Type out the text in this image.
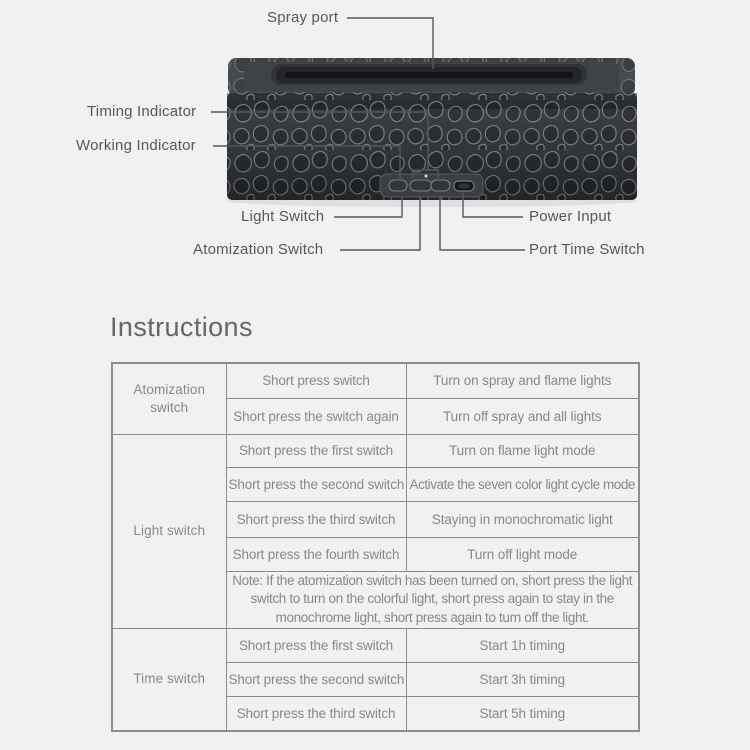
Spray port
Timing Indicator
Working Indicator
Light Switch
Atomization Switch
Power Input
Port Time Switch
Instructions
Atomization switch	Short press switch	Turn on spray and flame lights
	Short press the switch again	Turn off spray and all lights
Light switch	Short press the first switch	Turn on flame light mode
	Short press the second switch	Activate the seven color light cycle mode
	Short press the third switch	Staying in monochromatic light
	Short press the fourth switch	Turn off light mode
	Note: If the atomization switch has been turned on, short press the light switch to turn on the colorful light, short press again to stay in the monochrome light, short press again to turn off the light.	
Time switch	Short press the first switch	Start 1h timing
	Short press the second switch	Start 3h timing
	Short press the third switch	Start 5h timing
